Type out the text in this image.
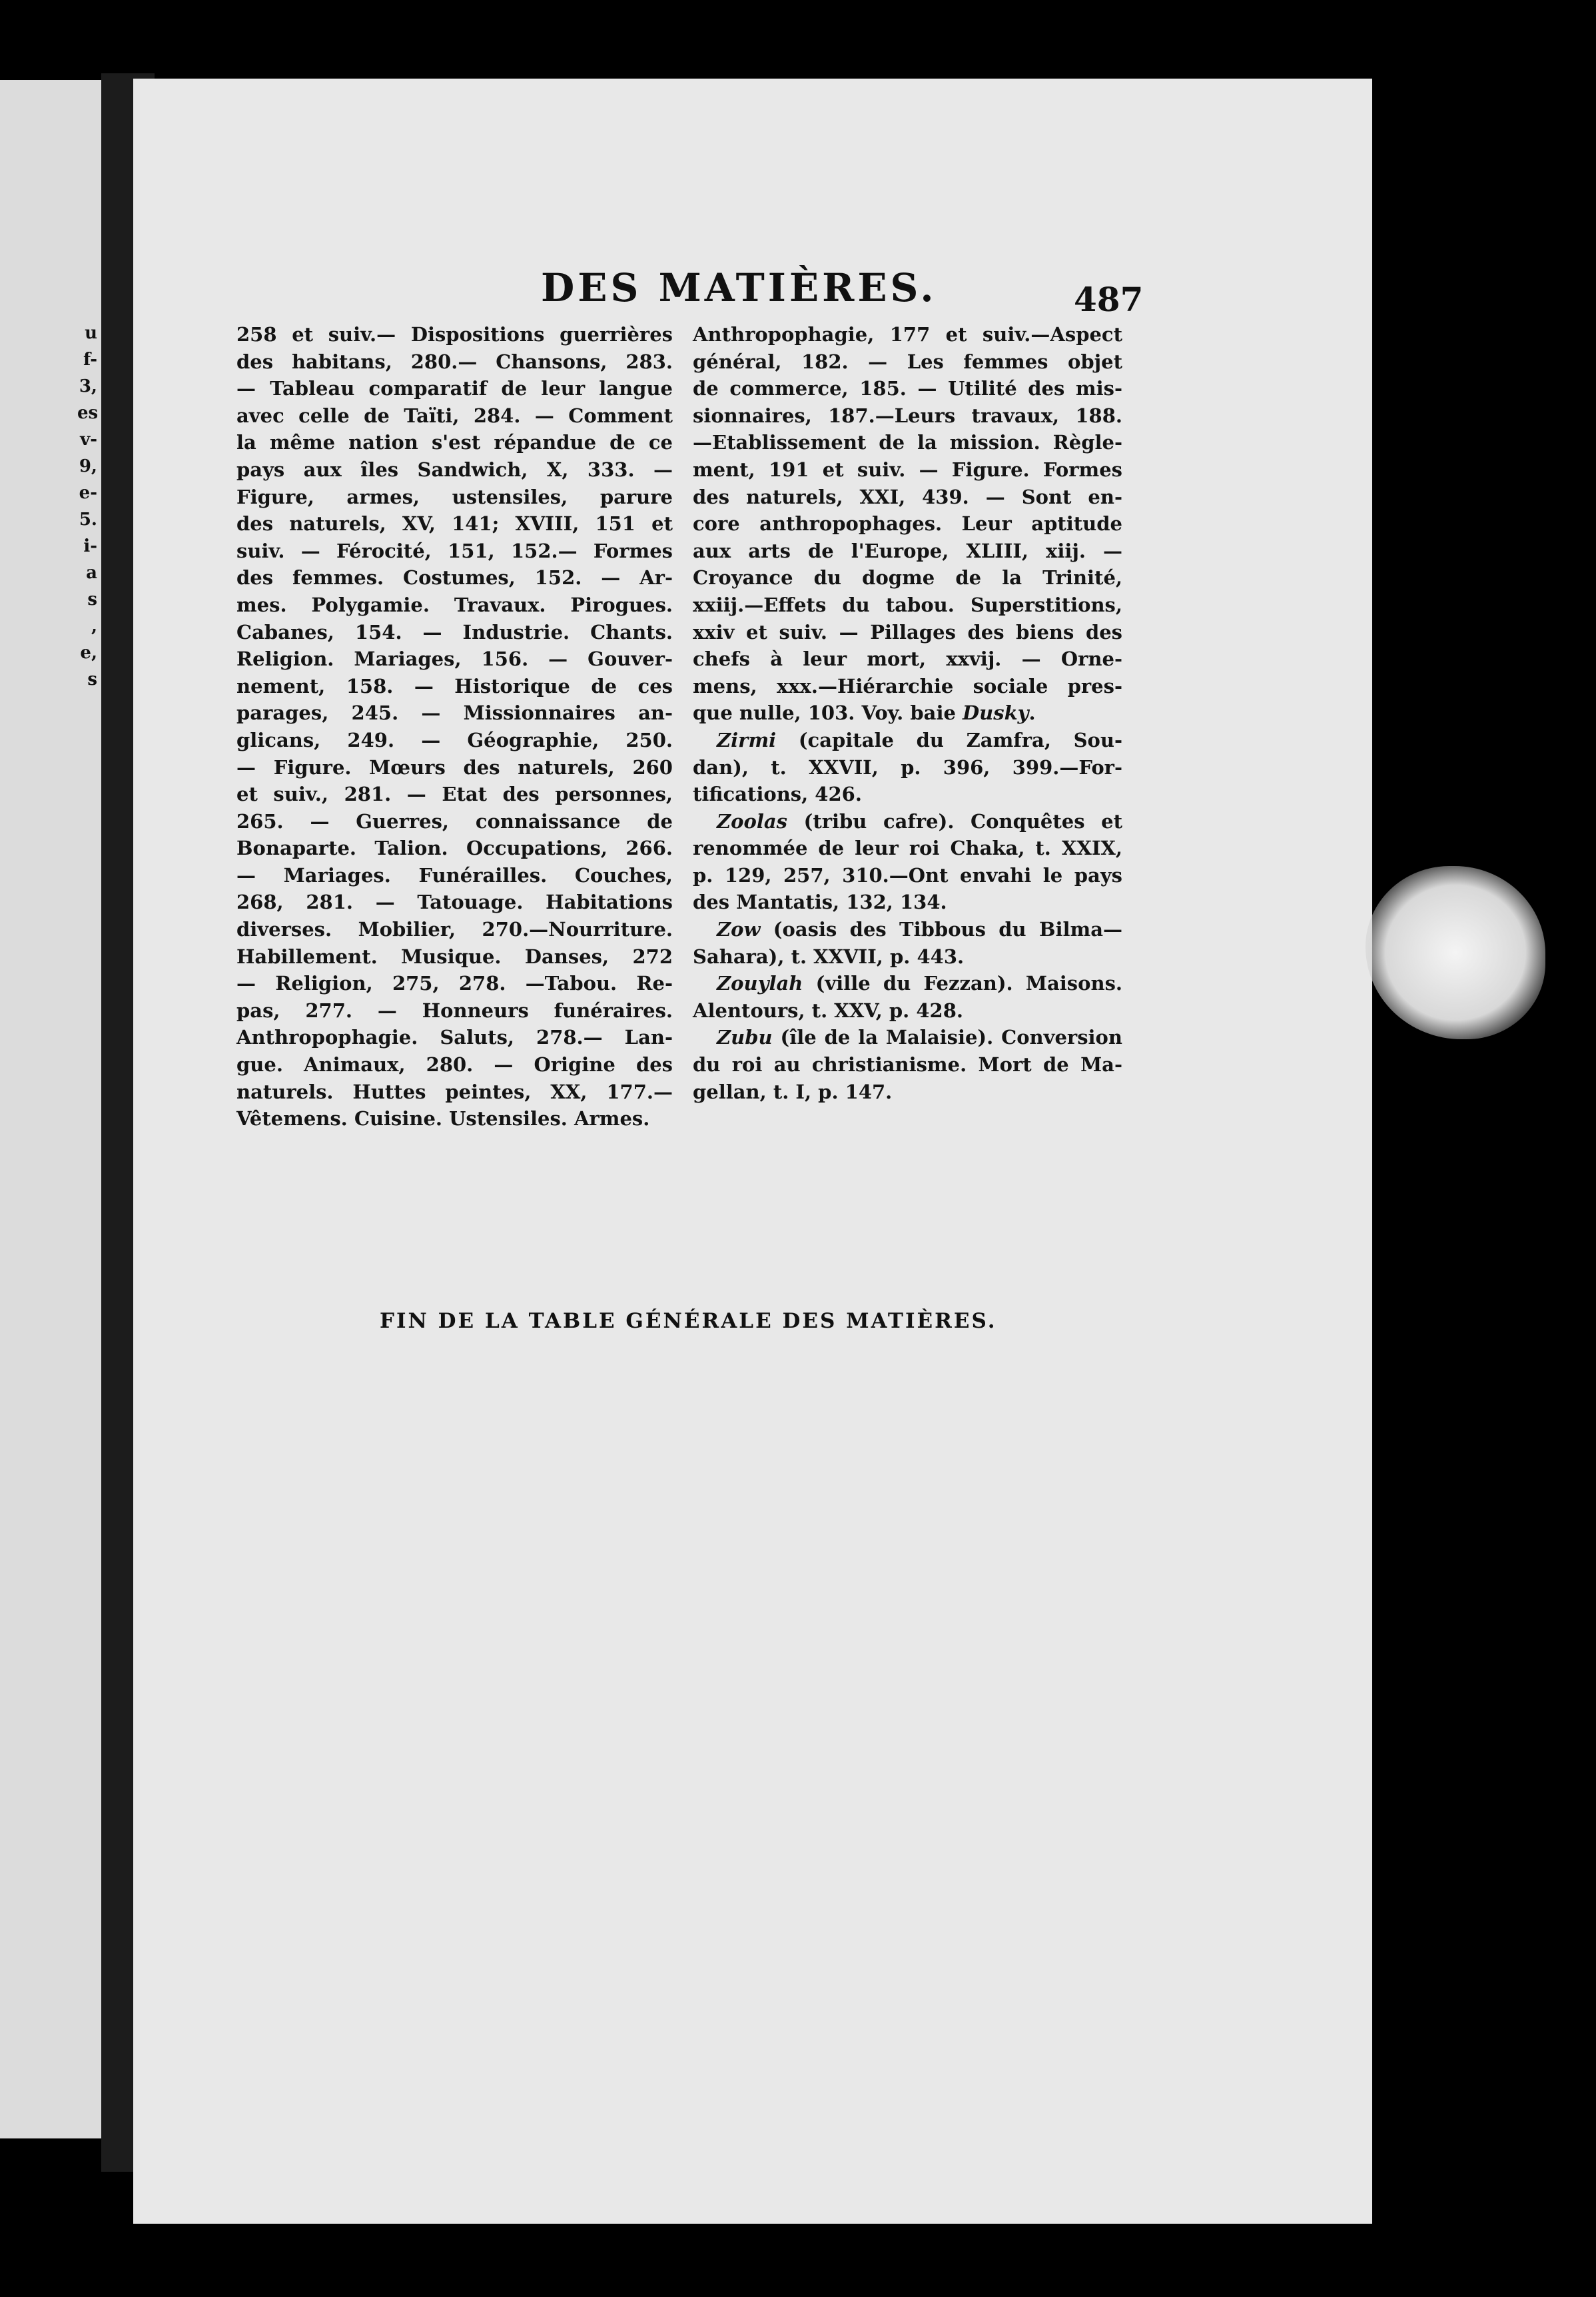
u
f-
3,
es
v-
9,
e-
5.
i-
a
s
,
e,
s
DES MATIÈRES.	487
258 et suiv.— Dispositions guerrières
des habitans, 280.— Chansons, 283.
— Tableau comparatif de leur langue
avec celle de Taïti, 284. — Comment
la même nation s'est répandue de ce
pays aux îles Sandwich, X, 333. —
Figure, armes, ustensiles, parure
des naturels, XV, 141; XVIII, 151 et
suiv. — Férocité, 151, 152.— Formes
des femmes. Costumes, 152. — Ar-
mes. Polygamie. Travaux. Pirogues.
Cabanes, 154. — Industrie. Chants.
Religion. Mariages, 156. — Gouver-
nement, 158. — Historique de ces
parages, 245. — Missionnaires an-
glicans, 249. — Géographie, 250.
— Figure. Mœurs des naturels, 260
et suiv., 281. — Etat des personnes,
265. — Guerres, connaissance de
Bonaparte. Talion. Occupations, 266.
— Mariages. Funérailles. Couches,
268, 281. — Tatouage. Habitations
diverses. Mobilier, 270.—Nourriture.
Habillement. Musique. Danses, 272
— Religion, 275, 278. —Tabou. Re-
pas, 277. — Honneurs funéraires.
Anthropophagie. Saluts, 278.— Lan-
gue. Animaux, 280. — Origine des
naturels. Huttes peintes, XX, 177.—
Vêtemens. Cuisine. Ustensiles. Armes.
Anthropophagie, 177 et suiv.—Aspect
général, 182. — Les femmes objet
de commerce, 185. — Utilité des mis-
sionnaires, 187.—Leurs travaux, 188.
—Etablissement de la mission. Règle-
ment, 191 et suiv. — Figure. Formes
des naturels, XXI, 439. — Sont en-
core anthropophages. Leur aptitude
aux arts de l'Europe, XLIII, xiij. —
Croyance du dogme de la Trinité,
xxiij.—Effets du tabou. Superstitions,
xxiv et suiv. — Pillages des biens des
chefs à leur mort, xxvij. — Orne-
mens, xxx.—Hiérarchie sociale pres-
que nulle, 103. Voy. baie Dusky.
Zirmi (capitale du Zamfra, Sou-
dan), t. XXVII, p. 396, 399.—For-
tifications, 426.
Zoolas (tribu cafre). Conquêtes et
renommée de leur roi Chaka, t. XXIX,
p. 129, 257, 310.—Ont envahi le pays
des Mantatis, 132, 134.
Zow (oasis des Tibbous du Bilma—
Sahara), t. XXVII, p. 443.
Zouylah (ville du Fezzan). Maisons.
Alentours, t. XXV, p. 428.
Zubu (île de la Malaisie). Conversion
du roi au christianisme. Mort de Ma-
gellan, t. I, p. 147.
FIN DE LA TABLE GÉNÉRALE DES MATIÈRES.
